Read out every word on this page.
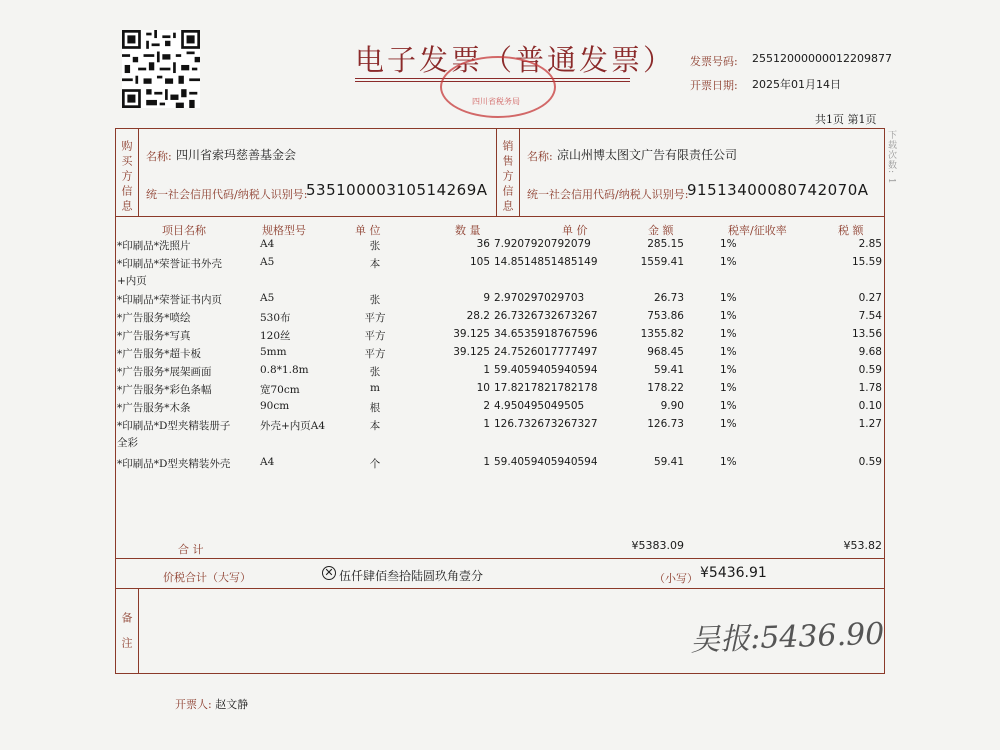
电子发票（普通发票）
四川省税务局
发票号码: 25512000000012209877
开票日期: 2025年01月14日
共1页 第1页
购买方信息 名称: 四川省索玛慈善基金会
统一社会信用代码/纳税人识别号:
53510000310514269A 销售方信息 名称: 凉山州博太图文广告有限责任公司
统一社会信用代码/纳税人识别号:
91513400080742070A
项目名称	规格型号	单 位	数 量	单 价	金 额	税率/征收率	税 额
*印刷品*洗照片	A4	张	36 7.9207920792079	285.15	1%	2.85
*印刷品*荣誉证书外壳	A5	本	105 14.8514851485149	1559.41	1%	15.59
+内页
*印刷品*荣誉证书内页	A5	张	9 2.970297029703	26.73	1%	0.27
*广告服务*喷绘	530布	平方	28.2 26.7326732673267	753.86	1%	7.54
*广告服务*写真	120丝	平方	39.125 34.6535918767596	1355.82	1%	13.56
*广告服务*超卡板	5mm	平方	39.125 24.7526017777497	968.45	1%	9.68
*广告服务*展架画面	0.8*1.8m	张	1 59.4059405940594	59.41	1%	0.59
*广告服务*彩色条幅	宽70cm	m	10 17.8217821782178	178.22	1%	1.78
*广告服务*木条	90cm	根	2 4.950495049505	9.90	1%	0.10
*印刷品*D型夹精装册子	外壳+内页A4	本	1 126.732673267327	126.73	1%	1.27
全彩
*印刷品*D型夹精装外壳	A4	个	1 59.4059405940594	59.41	1%	0.59
合 计	¥5383.09	¥53.82
价税合计（大写）	✕ 伍仟肆佰叁拾陆圆玖角壹分	（小写） ¥5436.91
备注	吴报:5436.90
开票人: 赵文静
下载次数: 1
